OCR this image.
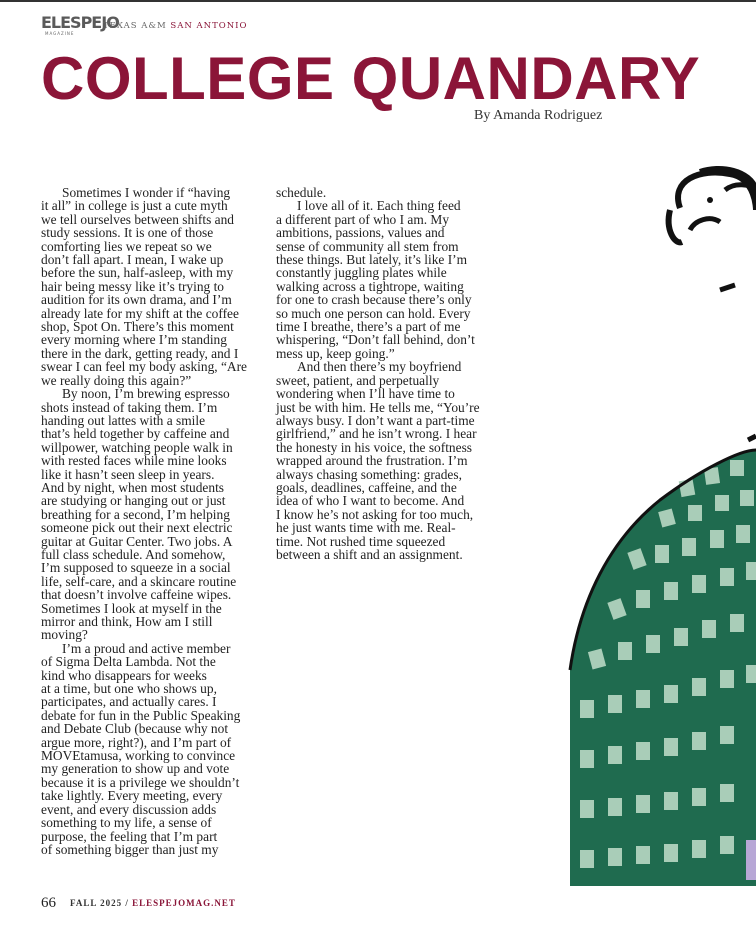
ELESPEJO
MAGAZINE
TEXAS A&M SAN ANTONIO
COLLEGE QUANDARY
By Amanda Rodriguez
Sometimes I wonder if “having
it all” in college is just a cute myth
we tell ourselves between shifts and
study sessions. It is one of those
comforting lies we repeat so we
don’t fall apart. I mean, I wake up
before the sun, half-asleep, with my
hair being messy like it’s trying to
audition for its own drama, and I’m
already late for my shift at the coffee
shop, Spot On. There’s this moment
every morning where I’m standing
there in the dark, getting ready, and I
swear I can feel my body asking, “Are
we really doing this again?”
By noon, I’m brewing espresso
shots instead of taking them. I’m
handing out lattes with a smile
that’s held together by caffeine and
willpower, watching people walk in
with rested faces while mine looks
like it hasn’t seen sleep in years.
And by night, when most students
are studying or hanging out or just
breathing for a second, I’m helping
someone pick out their next electric
guitar at Guitar Center. Two jobs. A
full class schedule. And somehow,
I’m supposed to squeeze in a social
life, self-care, and a skincare routine
that doesn’t involve caffeine wipes.
Sometimes I look at myself in the
mirror and think, How am I still
moving?
I’m a proud and active member
of Sigma Delta Lambda. Not the
kind who disappears for weeks
at a time, but one who shows up,
participates, and actually cares. I
debate for fun in the Public Speaking
and Debate Club (because why not
argue more, right?), and I’m part of
MOVEtamusa, working to convince
my generation to show up and vote
because it is a privilege we shouldn’t
take lightly. Every meeting, every
event, and every discussion adds
something to my life, a sense of
purpose, the feeling that I’m part
of something bigger than just my
schedule.
I love all of it. Each thing feed
a different part of who I am. My
ambitions, passions, values and
sense of community all stem from
these things. But lately, it’s like I’m
constantly juggling plates while
walking across a tightrope, waiting
for one to crash because there’s only
so much one person can hold. Every
time I breathe, there’s a part of me
whispering, “Don’t fall behind, don’t
mess up, keep going.”
And then there’s my boyfriend
sweet, patient, and perpetually
wondering when I’ll have time to
just be with him. He tells me, “You’re
always busy. I don’t want a part-time
girlfriend,” and he isn’t wrong. I hear
the honesty in his voice, the softness
wrapped around the frustration. I’m
always chasing something: grades,
goals, deadlines, caffeine, and the
idea of who I want to become. And
I know he’s not asking for too much,
he just wants time with me. Real-
time. Not rushed time squeezed
between a shift and an assignment.
66 FALL 2025 / ELESPEJOMAG.NET
